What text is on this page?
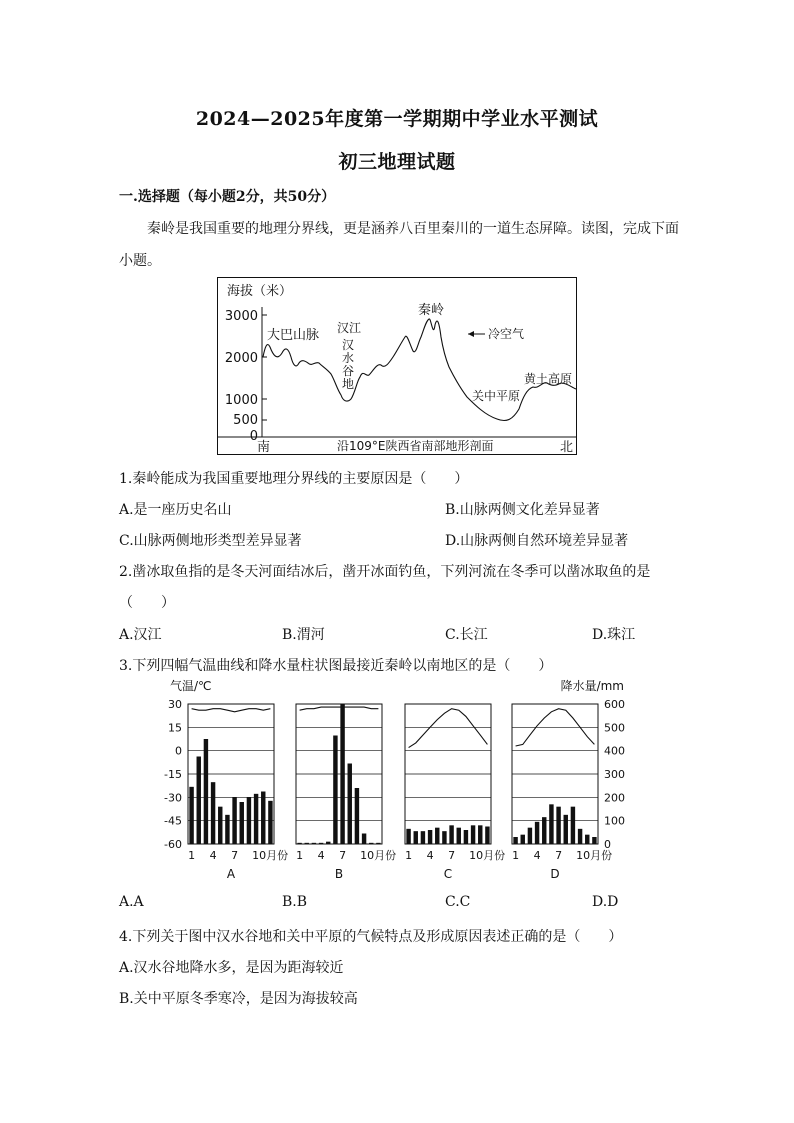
2024—2025年度第一学期期中学业水平测试
初三地理试题
一.选择题（每小题2分，共50分）
秦岭是我国重要的地理分界线，更是涵养八百里秦川的一道生态屏障。读图，完成下面
小题。
海拔（米）
3000
2000
1000
500
0
大巴山脉 汉江
汉
水
谷
地
秦岭
冷空气
关中平原
黄土高原
南	北
沿109°E陕西省南部地形剖面
1.秦岭能成为我国重要地理分界线的主要原因是（　　）
A.是一座历史名山	B.山脉两侧文化差异显著
C.山脉两侧地形类型差异显著	D.山脉两侧自然环境差异显著
2.凿冰取鱼指的是冬天河面结冰后，凿开冰面钓鱼，下列河流在冬季可以凿冰取鱼的是
（　　）
A.汉江	B.渭河	C.长江	D.珠江
3.下列四幅气温曲线和降水量柱状图最接近秦岭以南地区的是（　　）
气温/℃	降水量/mm
30
15
0
-15
-30
-45
-60
600
500
400
300
200
100
0
1 4 7 10月份
A
1 4 7 10月份
B
1 4 7 10月份
C
1 4 7 10月份
D
A.A	B.B	C.C	D.D
4.下列关于图中汉水谷地和关中平原的气候特点及形成原因表述正确的是（　　）
A.汉水谷地降水多，是因为距海较近
B.关中平原冬季寒冷，是因为海拔较高
